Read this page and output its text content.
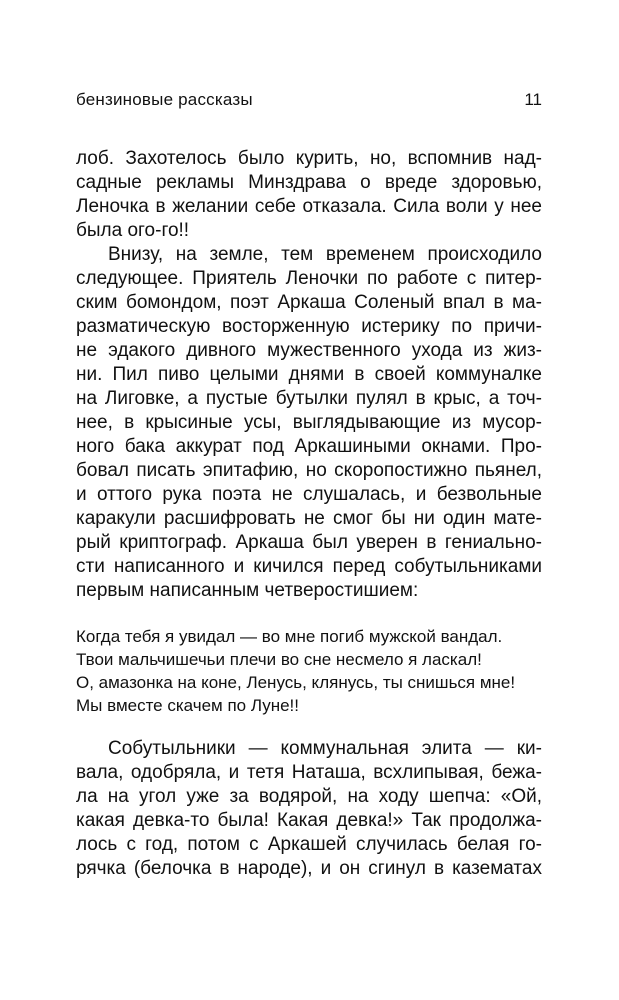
бензиновые рассказы	11
лоб. Захотелось было курить, но, вспомнив над-
садные рекламы Минздрава о вреде здоровью,
Леночка в желании себе отказала. Сила воли у нее
была ого-го!!
Внизу, на земле, тем временем происходило
следующее. Приятель Леночки по работе с питер-
ским бомондом, поэт Аркаша Соленый впал в ма-
разматическую восторженную истерику по причи-
не эдакого дивного мужественного ухода из жиз-
ни. Пил пиво целыми днями в своей коммуналке
на Лиговке, а пустые бутылки пулял в крыс, а точ-
нее, в крысиные усы, выглядывающие из мусор-
ного бака аккурат под Аркашиными окнами. Про-
бовал писать эпитафию, но скоропостижно пьянел,
и оттого рука поэта не слушалась, и безвольные
каракули расшифровать не смог бы ни один мате-
рый криптограф. Аркаша был уверен в гениально-
сти написанного и кичился перед собутыльниками
первым написанным четверостишием:
Когда тебя я увидал — во мне погиб мужской вандал.
Твои мальчишечьи плечи во сне несмело я ласкал!
О, амазонка на коне, Ленусь, клянусь, ты снишься мне!
Мы вместе скачем по Луне!!
Собутыльники — коммунальная элита — ки-
вала, одобряла, и тетя Наташа, всхлипывая, бежа-
ла на угол уже за водярой, на ходу шепча: «Ой,
какая девка-то была! Какая девка!» Так продолжа-
лось с год, потом с Аркашей случилась белая го-
рячка (белочка в народе), и он сгинул в казематах
